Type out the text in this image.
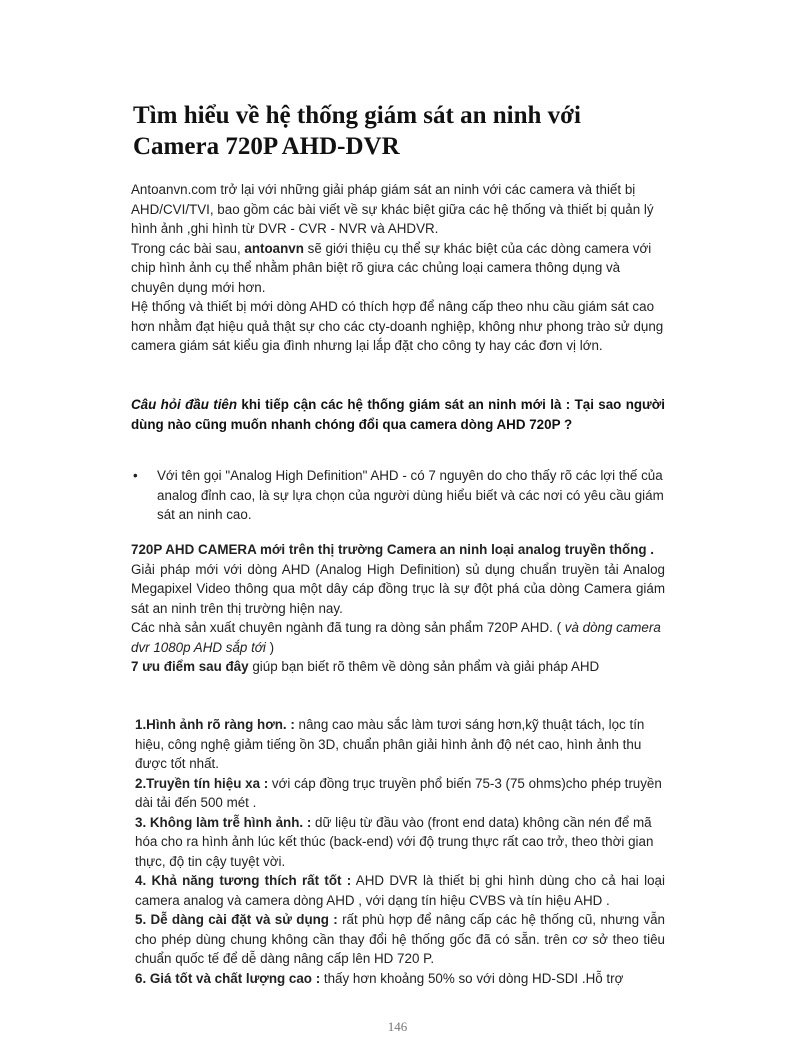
Tìm hiểu về hệ thống giám sát an ninh với
Camera 720P AHD-DVR

Antoanvn.com trở lại với những giải pháp giám sát an ninh với các camera và thiết bị AHD/CVI/TVI, bao gồm các bài viết về sự khác biệt giữa các hệ thống và thiết bị quản lý hình ảnh ,ghi hình từ DVR - CVR - NVR và AHDVR.

Trong các bài sau, antoanvn sẽ giới thiệu cụ thể sự khác biệt của các dòng camera với chip hình ảnh cụ thể nhằm phân biệt rõ giưa các chủng loại camera thông dụng và chuyên dụng mới hơn.

Hệ thống và thiết bị mới dòng AHD có thích hợp để nâng cấp theo nhu cầu giám sát cao hơn nhằm đạt hiệu quả thật sự cho các cty-doanh nghiệp, không như phong trào sử dụng camera giám sát kiểu gia đình nhưng lại lắp đặt cho công ty hay các đơn vị lớn.

Câu hỏi đầu tiên khi tiếp cận các hệ thống giám sát an ninh mới là : Tại sao người dùng nào cũng muốn nhanh chóng đổi qua camera dòng AHD 720P ?
• Với tên gọi "Analog High Definition" AHD - có 7 nguyên do cho thấy rõ các lợi thế của analog đỉnh cao, là sự lựa chọn của người dùng hiểu biết và các nơi có yêu cầu giám sát an ninh cao.

720P AHD CAMERA mới trên thị trường Camera an ninh loại analog truyền thống .

Giải pháp mới với dòng AHD (Analog High Definition) sủ dụng chuẩn truyền tải Analog Megapixel Video thông qua một dây cáp đồng trục là sự đột phá của dòng Camera giám sát an ninh trên thị trường hiện nay.

Các nhà sản xuất chuyên ngành đã tung ra dòng sản phẩm 720P AHD. ( và dòng camera dvr 1080p AHD sắp tới )

7 ưu điểm sau đây giúp bạn biết rõ thêm về dòng sản phẩm và giải pháp AHD

1.Hình ảnh rõ ràng hơn. : nâng cao màu sắc làm tươi sáng hơn,kỹ thuật tách, lọc tín hiệu, công nghệ giảm tiếng ồn 3D, chuẩn phân giải hình ảnh độ nét cao, hình ảnh thu được tốt nhất.

2.Truyền tín hiệu xa : với cáp đồng trục truyền phổ biến 75-3 (75 ohms)cho phép truyền dài tải đến 500 mét .

3. Không làm trễ hình ảnh. : dữ liệu từ đầu vào (front end data) không cần nén để mã hóa cho ra hình ảnh lúc kết thúc (back-end) với độ trung thực rất cao trở, theo thời gian thực, độ tin cậy tuyệt vời.

4. Khả năng tương thích rất tốt : AHD DVR là thiết bị ghi hình dùng cho cả hai loại camera analog và camera dòng AHD , với dạng tín hiệu CVBS và tín hiệu AHD .

5. Dễ dàng cài đặt và sử dụng : rất phù hợp để nâng cấp các hệ thống cũ, nhưng vẫn cho phép dùng chung không cần thay đổi hệ thống gốc đã có sẵn. trên cơ sở theo tiêu chuẩn quốc tế để dễ dàng nâng cấp lên HD 720 P.

6. Giá tốt và chất lượng cao : thấy hơn khoảng 50% so với dòng HD-SDI .Hỗ trợ

146
